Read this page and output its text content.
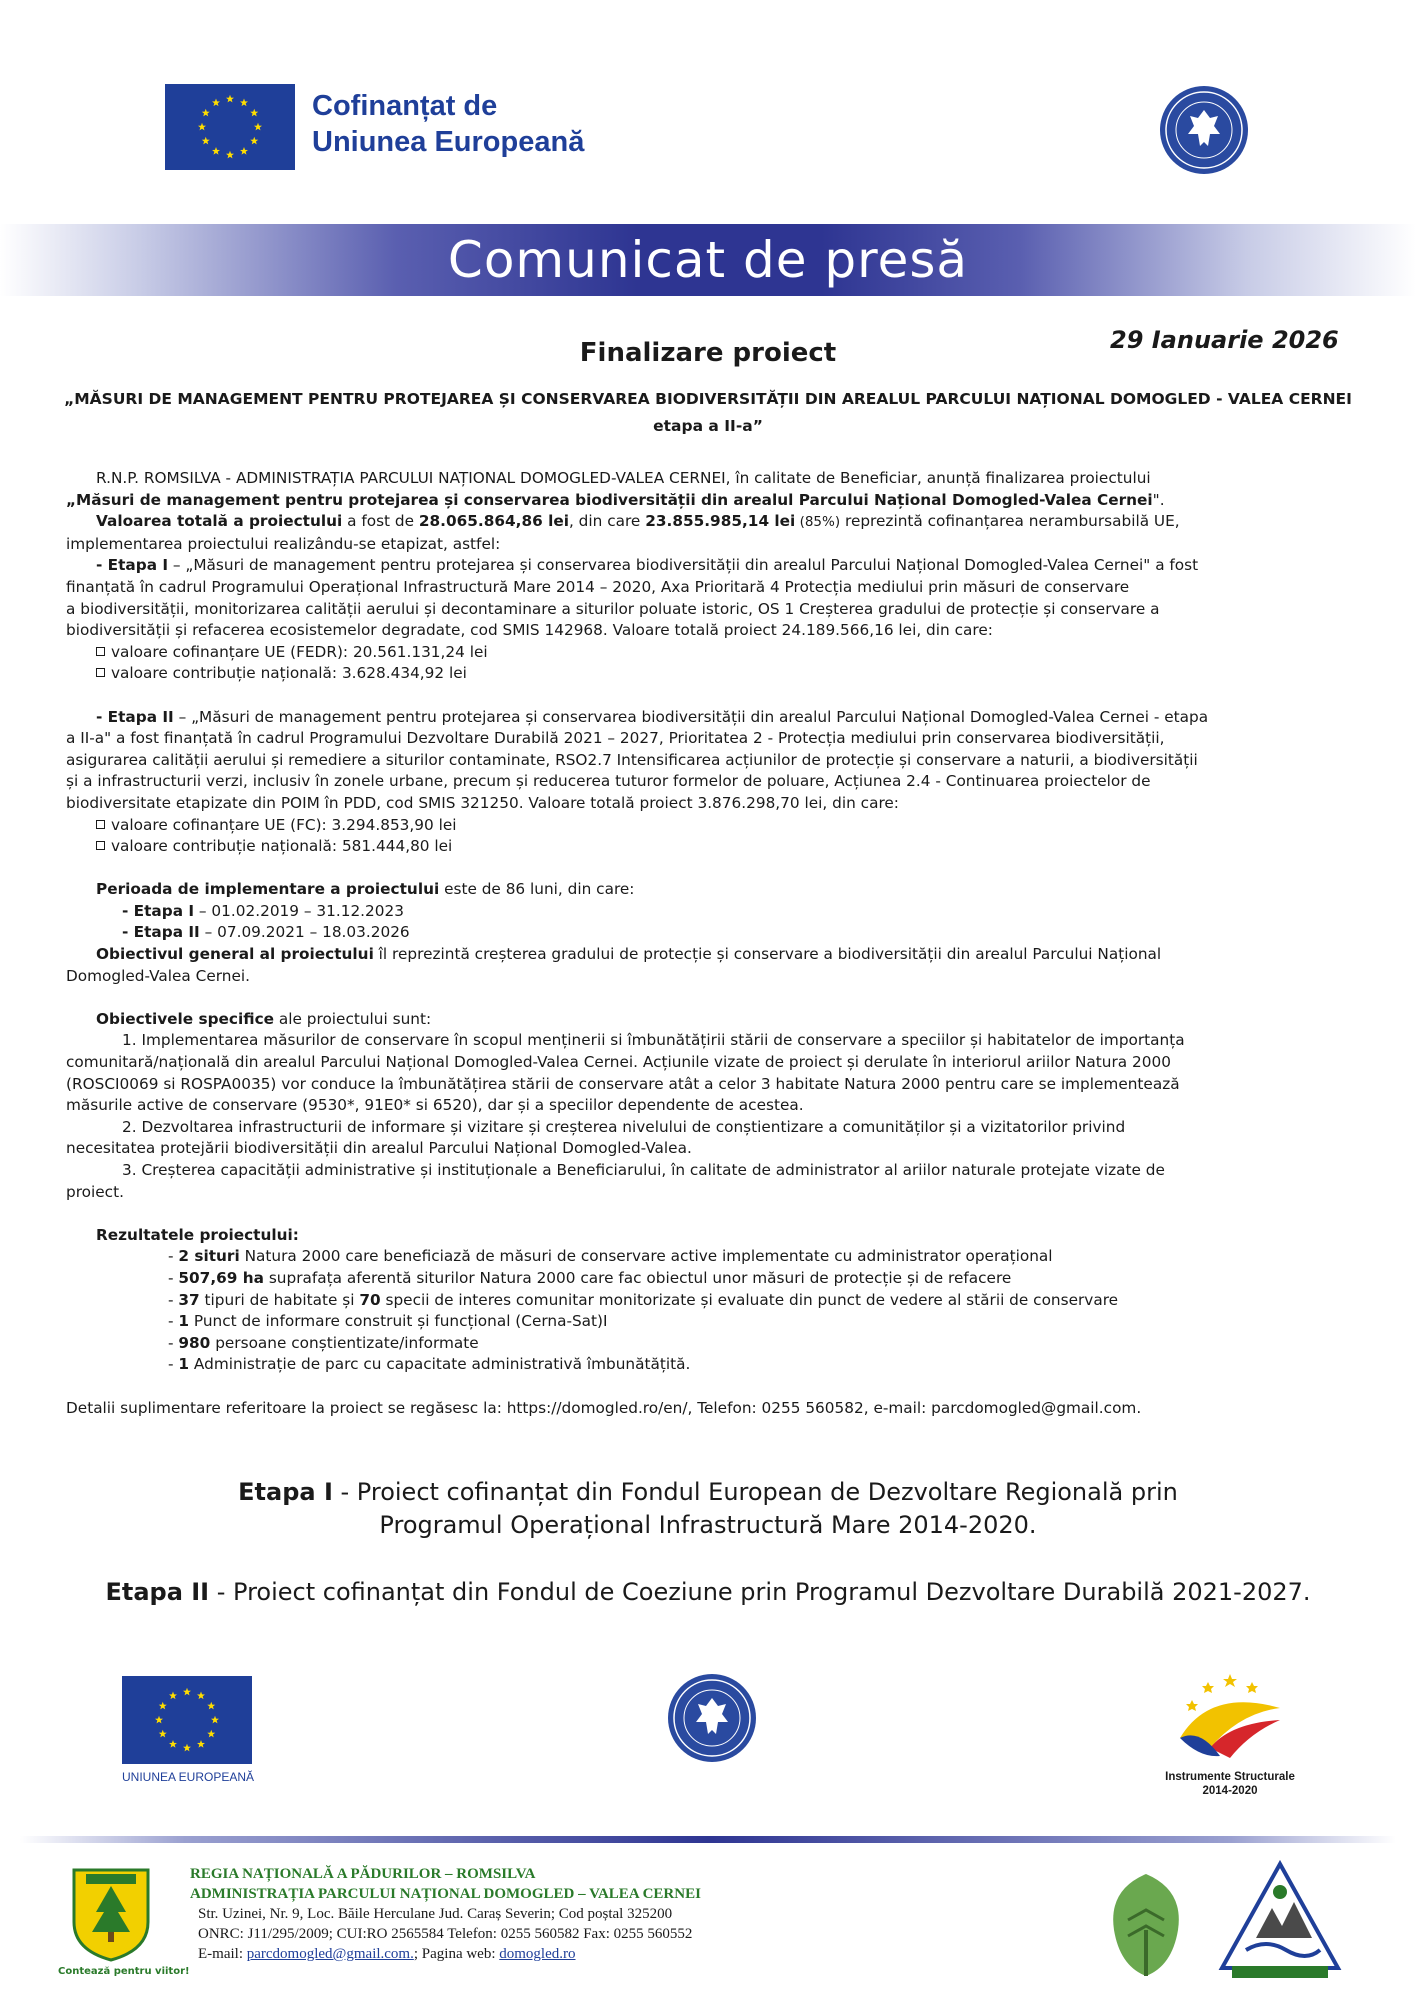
Cofinanțat de
Uniunea Europeană
Comunicat de presă
29 Ianuarie 2026
Finalizare proiect
„MĂSURI DE MANAGEMENT PENTRU PROTEJAREA ȘI CONSERVAREA BIODIVERSITĂȚII DIN AREALUL PARCULUI NAȚIONAL DOMOGLED - VALEA CERNEI
etapa a II-a”

R.N.P. ROMSILVA - ADMINISTRAȚIA PARCULUI NAȚIONAL DOMOGLED-VALEA CERNEI, în calitate de Beneficiar, anunță finalizarea proiectului

„Măsuri de management pentru protejarea și conservarea biodiversității din arealul Parcului Național Domogled-Valea Cernei".

Valoarea totală a proiectului a fost de 28.065.864,86 lei, din care 23.855.985,14 lei (85%) reprezintă cofinanțarea nerambursabilă UE,

implementarea proiectului realizându-se etapizat, astfel:

- Etapa I – „Măsuri de management pentru protejarea și conservarea biodiversității din arealul Parcului Național Domogled-Valea Cernei" a fost

finanțată în cadrul Programului Operațional Infrastructură Mare 2014 – 2020, Axa Prioritară 4 Protecția mediului prin măsuri de conservare

a biodiversității, monitorizarea calității aerului și decontaminare a siturilor poluate istoric, OS 1 Creșterea gradului de protecție și conservare a

biodiversității și refacerea ecosistemelor degradate, cod SMIS 142968. Valoare totală proiect 24.189.566,16 lei, din care:

valoare cofinanțare UE (FEDR): 20.561.131,24 lei

valoare contribuție națională: 3.628.434,92 lei

- Etapa II – „Măsuri de management pentru protejarea și conservarea biodiversității din arealul Parcului Național Domogled-Valea Cernei - etapa

a II-a" a fost finanțată în cadrul Programului Dezvoltare Durabilă 2021 – 2027, Prioritatea 2 - Protecția mediului prin conservarea biodiversității,

asigurarea calității aerului și remediere a siturilor contaminate, RSO2.7 Intensificarea acțiunilor de protecție și conservare a naturii, a biodiversității

și a infrastructurii verzi, inclusiv în zonele urbane, precum și reducerea tuturor formelor de poluare, Acțiunea 2.4 - Continuarea proiectelor de

biodiversitate etapizate din POIM în PDD, cod SMIS 321250. Valoare totală proiect 3.876.298,70 lei, din care:

valoare cofinanțare UE (FC): 3.294.853,90 lei

valoare contribuție națională: 581.444,80 lei

Perioada de implementare a proiectului este de 86 luni, din care:

- Etapa I – 01.02.2019 – 31.12.2023

- Etapa II – 07.09.2021 – 18.03.2026

Obiectivul general al proiectului îl reprezintă creșterea gradului de protecție și conservare a biodiversității din arealul Parcului Național

Domogled-Valea Cernei.

Obiectivele specifice ale proiectului sunt:

1. Implementarea măsurilor de conservare în scopul menținerii si îmbunătățirii stării de conservare a speciilor și habitatelor de importanța

comunitară/națională din arealul Parcului Național Domogled-Valea Cernei. Acțiunile vizate de proiect și derulate în interiorul ariilor Natura 2000

(ROSCI0069 si ROSPA0035) vor conduce la îmbunătățirea stării de conservare atât a celor 3 habitate Natura 2000 pentru care se implementează

măsurile active de conservare (9530*, 91E0* si 6520), dar și a speciilor dependente de acestea.

2. Dezvoltarea infrastructurii de informare și vizitare și creșterea nivelului de conștientizare a comunităților și a vizitatorilor privind

necesitatea protejării biodiversității din arealul Parcului Național Domogled-Valea.

3. Creșterea capacității administrative și instituționale a Beneficiarului, în calitate de administrator al ariilor naturale protejate vizate de

proiect.

Rezultatele proiectului:

- 2 situri Natura 2000 care beneficiază de măsuri de conservare active implementate cu administrator operațional

- 507,69 ha suprafața aferentă siturilor Natura 2000 care fac obiectul unor măsuri de protecție și de refacere

- 37 tipuri de habitate și 70 specii de interes comunitar monitorizate și evaluate din punct de vedere al stării de conservare

- 1 Punct de informare construit și funcțional (Cerna-Sat)I

- 980 persoane conștientizate/informate

- 1 Administrație de parc cu capacitate administrativă îmbunătățită.

Detalii suplimentare referitoare la proiect se regăsesc la: https://domogled.ro/en/, Telefon: 0255 560582, e-mail: parcdomogled@gmail.com.

Etapa I - Proiect cofinanțat din Fondul European de Dezvoltare Regională prin
Programul Operațional Infrastructură Mare 2014-2020.
Etapa II - Proiect cofinanțat din Fondul de Coeziune prin Programul Dezvoltare Durabilă 2021-2027.
UNIUNEA EUROPEANĂ	Instrumente Structurale
2014-2020
Contează pentru viitor!
REGIA NAȚIONALĂ A PĂDURILOR – ROMSILVA
ADMINISTRAȚIA PARCULUI NAȚIONAL DOMOGLED – VALEA CERNEI
Str. Uzinei, Nr. 9, Loc. Băile Herculane Jud. Caraș Severin; Cod poștal 325200
ONRC: J11/295/2009; CUI:RO 2565584 Telefon: 0255 560582 Fax: 0255 560552
E-mail: parcdomogled@gmail.com.; Pagina web: domogled.ro
